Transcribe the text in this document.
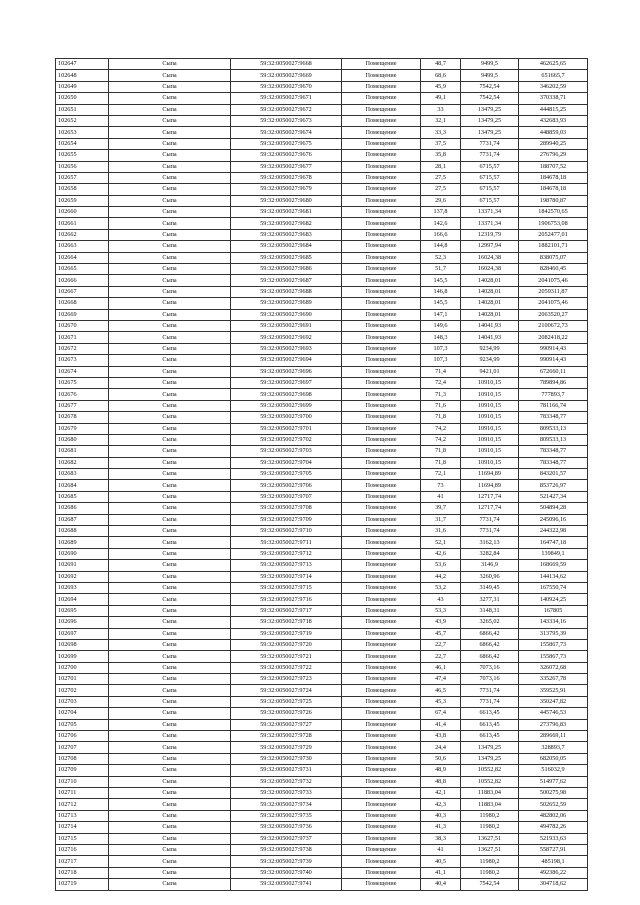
102647	Сыпа	59:32:0050027:9668	Помещение	48,7	9499,5	462625,65
102648	Сыпа	59:32:0050027:9669	Помещение	68,6	9499,5	651665,7
102649	Сыпа	59:32:0050027:9670	Помещение	45,9	7542,54	346202,59
102650	Сыпа	59:32:0050027:9671	Помещение	49,1	7542,54	370338,71
102651	Сыпа	59:32:0050027:9672	Помещение	33	13479,25	444815,25
102652	Сыпа	59:32:0050027:9673	Помещение	32,1	13479,25	432683,93
102653	Сыпа	59:32:0050027:9674	Помещение	33,3	13479,25	448859,03
102654	Сыпа	59:32:0050027:9675	Помещение	37,5	7731,74	289940,25
102655	Сыпа	59:32:0050027:9676	Помещение	35,8	7731,74	276796,29
102656	Сыпа	59:32:0050027:9677	Помещение	28,1	6715,57	188707,52
102657	Сыпа	59:32:0050027:9678	Помещение	27,5	6715,57	184678,18
102658	Сыпа	59:32:0050027:9679	Помещение	27,5	6715,57	184678,18
102659	Сыпа	59:32:0050027:9680	Помещение	29,6	6715,57	198780,87
102660	Сыпа	59:32:0050027:9681	Помещение	137,8	13371,34	1842570,65
102661	Сыпа	59:32:0050027:9682	Помещение	142,6	13371,34	1906753,08
102662	Сыпа	59:32:0050027:9683	Помещение	166,6	12319,79	2052477,01
102663	Сыпа	59:32:0050027:9684	Помещение	144,8	12997,94	1882101,71
102664	Сыпа	59:32:0050027:9685	Помещение	52,3	16024,38	838075,07
102665	Сыпа	59:32:0050027:9686	Помещение	51,7	16024,38	828460,45
102666	Сыпа	59:32:0050027:9687	Помещение	145,5	14028,01	2041075,46
102667	Сыпа	59:32:0050027:9688	Помещение	146,8	14028,01	2059311,87
102668	Сыпа	59:32:0050027:9689	Помещение	145,5	14028,01	2041075,46
102669	Сыпа	59:32:0050027:9690	Помещение	147,1	14028,01	2063520,27
102670	Сыпа	59:32:0050027:9691	Помещение	149,6	14041,93	2100672,73
102671	Сыпа	59:32:0050027:9692	Помещение	148,3	14041,93	2082418,22
102672	Сыпа	59:32:0050027:9693	Помещение	107,3	9234,99	990914,43
102673	Сыпа	59:32:0050027:9694	Помещение	107,3	9234,99	990914,43
102674	Сыпа	59:32:0050027:9696	Помещение	71,4	9421,01	672660,11
102675	Сыпа	59:32:0050027:9697	Помещение	72,4	10910,15	789894,86
102676	Сыпа	59:32:0050027:9698	Помещение	71,3	10910,15	777893,7
102677	Сыпа	59:32:0050027:9699	Помещение	71,6	10910,15	781166,74
102678	Сыпа	59:32:0050027:9700	Помещение	71,8	10910,15	783348,77
102679	Сыпа	59:32:0050027:9701	Помещение	74,2	10910,15	809533,13
102680	Сыпа	59:32:0050027:9702	Помещение	74,2	10910,15	809533,13
102681	Сыпа	59:32:0050027:9703	Помещение	71,8	10910,15	783348,77
102682	Сыпа	59:32:0050027:9704	Помещение	71,8	10910,15	783348,77
102683	Сыпа	59:32:0050027:9705	Помещение	72,1	11694,89	843201,57
102684	Сыпа	59:32:0050027:9706	Помещение	73	11694,89	853726,97
102685	Сыпа	59:32:0050027:9707	Помещение	41	12717,74	521427,34
102686	Сыпа	59:32:0050027:9708	Помещение	39,7	12717,74	504894,28
102687	Сыпа	59:32:0050027:9709	Помещение	31,7	7731,74	245096,16
102688	Сыпа	59:32:0050027:9710	Помещение	31,6	7731,74	244322,98
102689	Сыпа	59:32:0050027:9711	Помещение	52,1	3162,13	164747,18
102690	Сыпа	59:32:0050027:9712	Помещение	42,6	3282,84	139849,1
102691	Сыпа	59:32:0050027:9713	Помещение	53,6	3146,9	168669,59
102692	Сыпа	59:32:0050027:9714	Помещение	44,2	3260,96	144134,62
102693	Сыпа	59:32:0050027:9715	Помещение	53,2	3149,45	167550,74
102694	Сыпа	59:32:0050027:9716	Помещение	43	3277,31	140924,25
102695	Сыпа	59:32:0050027:9717	Помещение	53,3	3148,31	167805
102696	Сыпа	59:32:0050027:9718	Помещение	43,9	3265,02	143334,16
102697	Сыпа	59:32:0050027:9719	Помещение	45,7	6866,42	313795,39
102698	Сыпа	59:32:0050027:9720	Помещение	22,7	6866,42	155867,73
102699	Сыпа	59:32:0050027:9721	Помещение	22,7	6866,42	155867,73
102700	Сыпа	59:32:0050027:9722	Помещение	46,1	7073,16	326072,68
102701	Сыпа	59:32:0050027:9723	Помещение	47,4	7073,16	335267,78
102702	Сыпа	59:32:0050027:9724	Помещение	46,5	7731,74	359525,91
102703	Сыпа	59:32:0050027:9725	Помещение	45,3	7731,74	350247,82
102704	Сыпа	59:32:0050027:9726	Помещение	67,4	6613,45	445746,53
102705	Сыпа	59:32:0050027:9727	Помещение	41,4	6613,45	273796,83
102706	Сыпа	59:32:0050027:9728	Помещение	43,8	6613,45	289669,11
102707	Сыпа	59:32:0050027:9729	Помещение	24,4	13479,25	328893,7
102708	Сыпа	59:32:0050027:9730	Помещение	50,6	13479,25	682050,05
102709	Сыпа	59:32:0050027:9731	Помещение	48,9	10552,82	516032,9
102710	Сыпа	59:32:0050027:9732	Помещение	48,8	10552,82	514977,62
102711	Сыпа	59:32:0050027:9733	Помещение	42,1	11883,04	500275,98
102712	Сыпа	59:32:0050027:9734	Помещение	42,3	11883,04	502652,59
102713	Сыпа	59:32:0050027:9735	Помещение	40,3	11980,2	482802,06
102714	Сыпа	59:32:0050027:9736	Помещение	41,3	11980,2	494782,26
102715	Сыпа	59:32:0050027:9737	Помещение	38,3	13627,51	521933,63
102716	Сыпа	59:32:0050027:9738	Помещение	41	13627,51	558727,91
102717	Сыпа	59:32:0050027:9739	Помещение	40,5	11980,2	485198,1
102718	Сыпа	59:32:0050027:9740	Помещение	41,1	11980,2	492386,22
102719	Сыпа	59:32:0050027:9741	Помещение	40,4	7542,54	304718,62
